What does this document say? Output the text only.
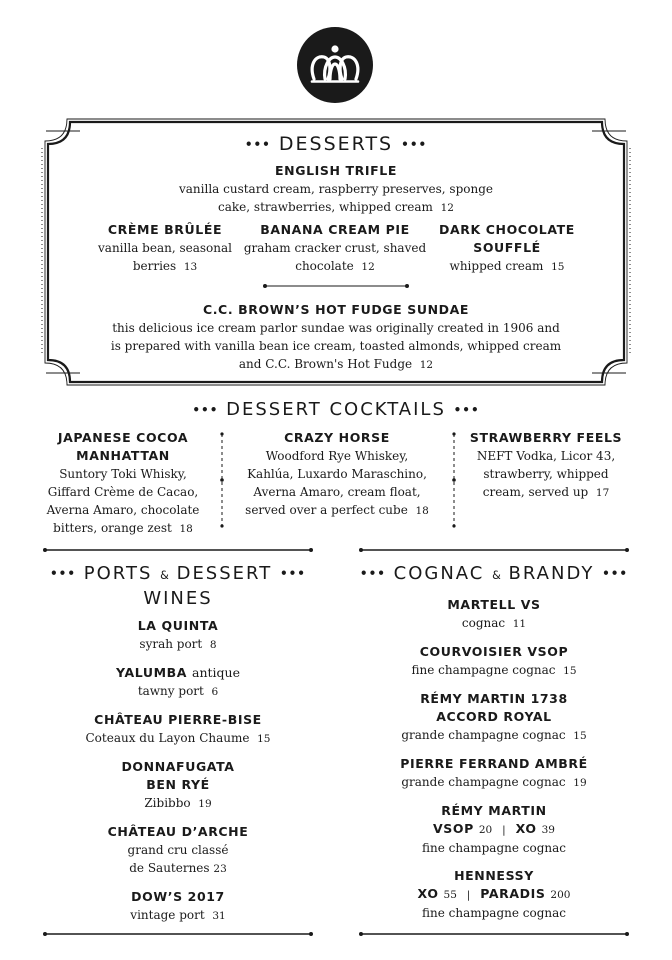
••• DESSERTS •••
ENGLISH TRIFLE
vanilla custard cream, raspberry preserves, sponge
cake, strawberries, whipped cream 12
CRÈME BRÛLÉE
vanilla bean, seasonal
berries 13
BANANA CREAM PIE
graham cracker crust, shaved
chocolate 12
DARK CHOCOLATE
SOUFFLÉ
whipped cream 15
C.C. BROWN’S HOT FUDGE SUNDAE
this delicious ice cream parlor sundae was originally created in 1906 and
is prepared with vanilla bean ice cream, toasted almonds, whipped cream
and C.C. Brown's Hot Fudge 12
••• DESSERT COCKTAILS •••
JAPANESE COCOA
MANHATTAN
Suntory Toki Whisky,
Giffard Crème de Cacao,
Averna Amaro, chocolate
bitters, orange zest 18
CRAZY HORSE
Woodford Rye Whiskey,
Kahlúa, Luxardo Maraschino,
Averna Amaro, cream float,
served over a perfect cube 18
STRAWBERRY FEELS
NEFT Vodka, Licor 43,
strawberry, whipped
cream, served up 17
••• PORTS & DESSERT •••
WINES
LA QUINTA
syrah port 8
YALUMBA antique
tawny port 6
CHÂTEAU PIERRE-BISE
Coteaux du Layon Chaume 15
DONNAFUGATA
BEN RYÉ
Zibibbo 19
CHÂTEAU D’ARCHE
grand cru classé
de Sauternes 23
DOW’S 2017
vintage port 31
••• COGNAC & BRANDY •••
MARTELL VS
cognac 11
COURVOISIER VSOP
fine champagne cognac 15
RÉMY MARTIN 1738
ACCORD ROYAL
grande champagne cognac 15
PIERRE FERRAND AMBRÉ
grande champagne cognac 19
RÉMY MARTIN
VSOP 20 | XO 39
fine champagne cognac
HENNESSY
XO 55 | PARADIS 200
fine champagne cognac
